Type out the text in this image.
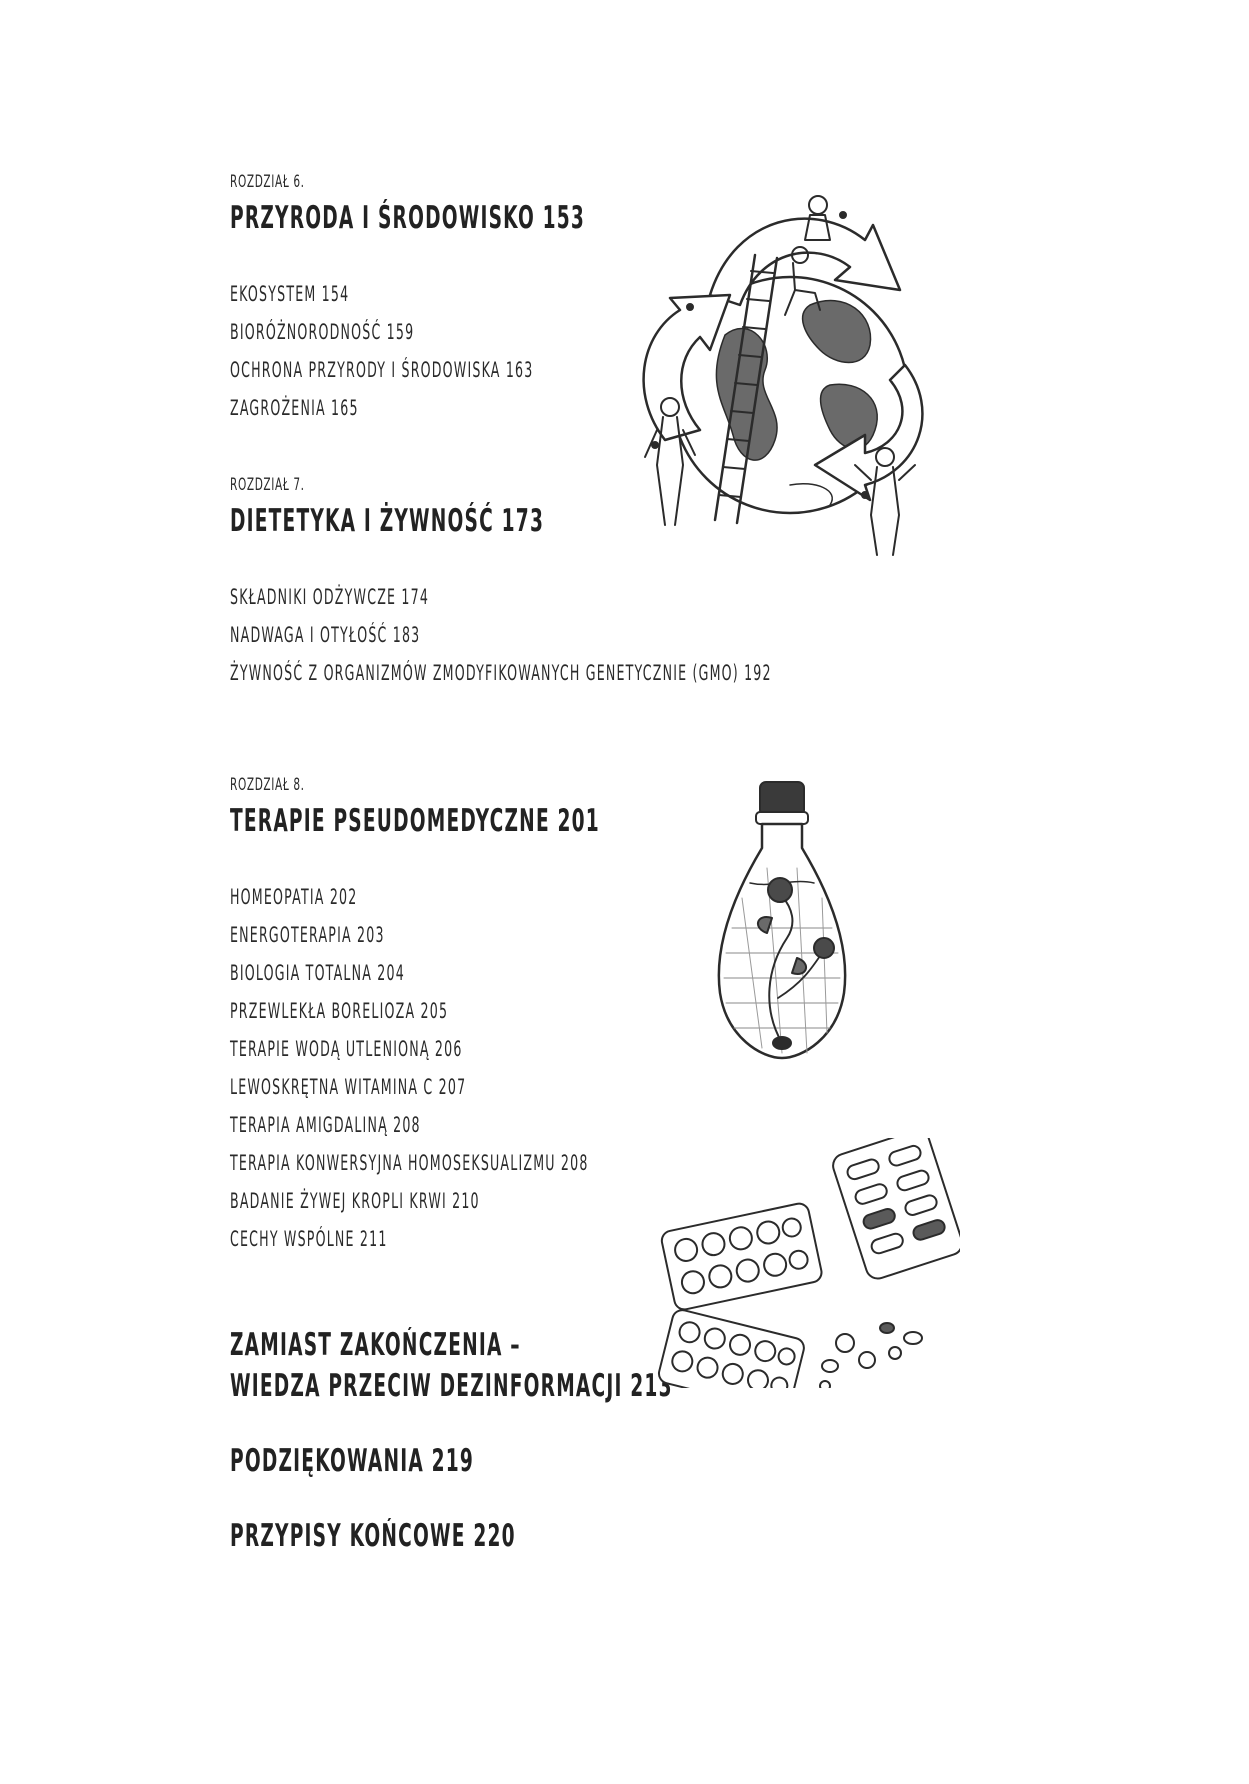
ROZDZIAŁ 6.
PRZYRODA I ŚRODOWISKO 153
EKOSYSTEM 154
BIORÓŻNORODNOŚĆ 159
OCHRONA PRZYRODY I ŚRODOWISKA 163
ZAGROŻENIA 165
ROZDZIAŁ 7.
DIETETYKA I ŻYWNOŚĆ 173
SKŁADNIKI ODŻYWCZE 174
NADWAGA I OTYŁOŚĆ 183
ŻYWNOŚĆ Z ORGANIZMÓW ZMODYFIKOWANYCH GENETYCZNIE (GMO) 192
ROZDZIAŁ 8.
TERAPIE PSEUDOMEDYCZNE 201
HOMEOPATIA 202
ENERGOTERAPIA 203
BIOLOGIA TOTALNA 204
PRZEWLEKŁA BORELIOZA 205
TERAPIE WODĄ UTLENIONĄ 206
LEWOSKRĘTNA WITAMINA C 207
TERAPIA AMIGDALINĄ 208
TERAPIA KONWERSYJNA HOMOSEKSUALIZMU 208
BADANIE ŻYWEJ KROPLI KRWI 210
CECHY WSPÓLNE 211
ZAMIAST ZAKOŃCZENIA –
WIEDZA PRZECIW DEZINFORMACJI 213
PODZIĘKOWANIA 219
PRZYPISY KOŃCOWE 220
